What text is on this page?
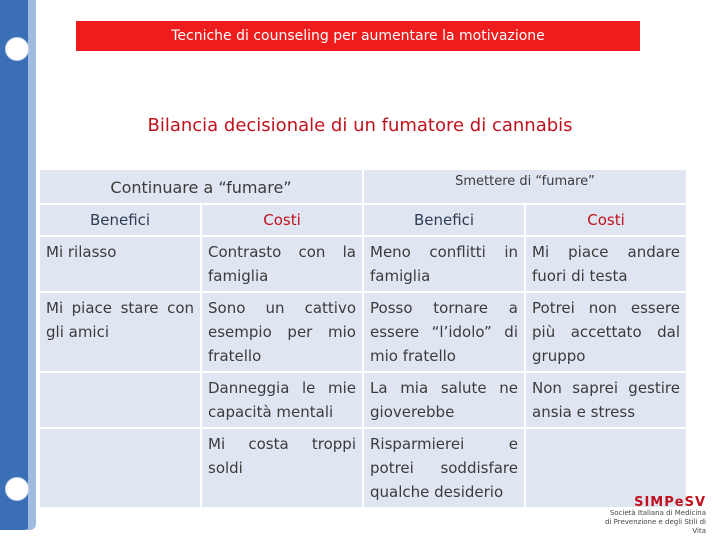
Tecniche di counseling per aumentare la motivazione
Bilancia decisionale di un fumatore di cannabis
Continuare a “fumare”		Smettere di “fumare”	
Benefici	Costi	Benefici	Costi
Mi rilasso	Contrasto con la famiglia	Meno conflitti in famiglia	Mi piace andare fuori di testa
Mi piace stare con gli amici	Sono un cattivo esempio per mio fratello	Posso tornare a essere “l’idolo” di mio fratello	Potrei non essere più accettato dal gruppo
	Danneggia le mie capacità mentali	La mia salute ne gioverebbe	Non saprei gestire ansia e stress
	Mi costa troppi soldi	Risparmierei e potrei soddisfare qualche desiderio	
SIMPeSV
Società Italiana di Medicina
di Prevenzione e degli Stili di Vita
